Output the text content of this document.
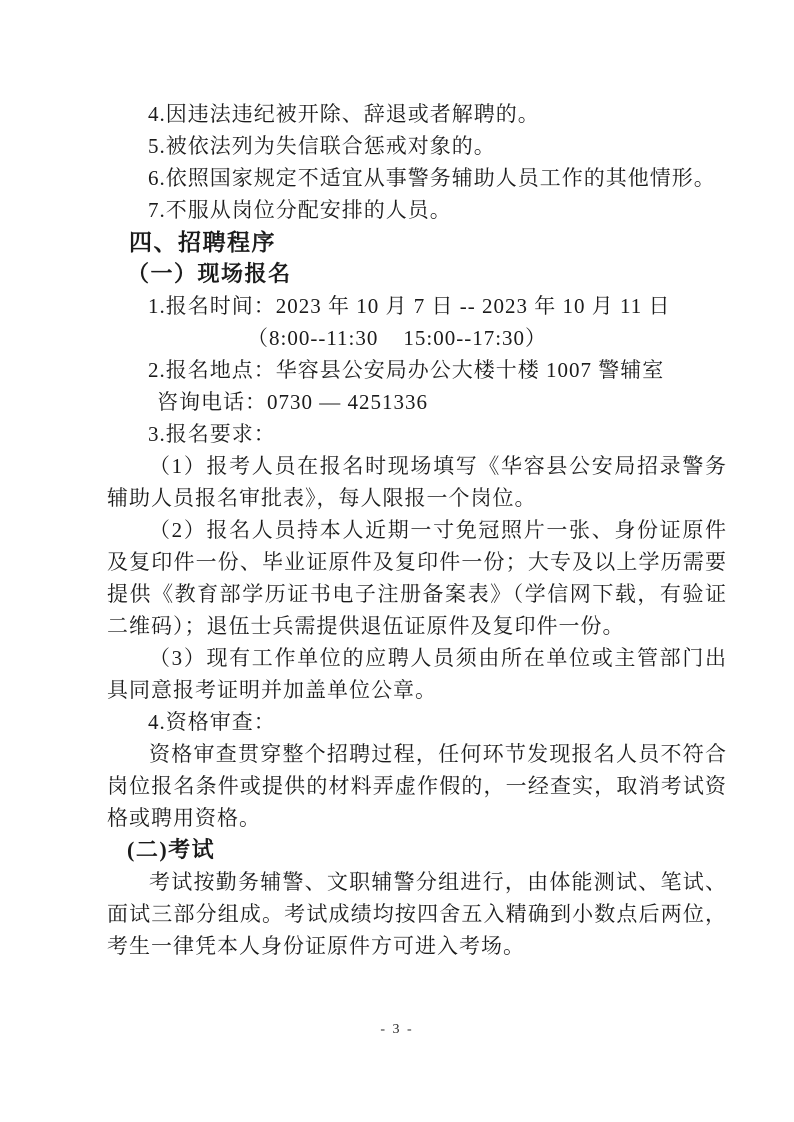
4.因违法违纪被开除、辞退或者解聘的。

5.被依法列为失信联合惩戒对象的。

6.依照国家规定不适宜从事警务辅助人员工作的其他情形。

7.不服从岗位分配安排的人员。

四、招聘程序

（一）现场报名

1.报名时间：2023 年 10 月 7 日 -- 2023 年 10 月 11 日

（8:00--11:30    15:00--17:30）

2.报名地点：华容县公安局办公大楼十楼 1007 警辅室

咨询电话：0730 — 4251336

3.报名要求：

（1）报考人员在报名时现场填写《华容县公安局招录警务辅助人员报名审批表》，每人限报一个岗位。

（2）报名人员持本人近期一寸免冠照片一张、身份证原件及复印件一份、毕业证原件及复印件一份；大专及以上学历需要提供《教育部学历证书电子注册备案表》（学信网下载，有验证二维码）；退伍士兵需提供退伍证原件及复印件一份。

（3）现有工作单位的应聘人员须由所在单位或主管部门出具同意报考证明并加盖单位公章。

4.资格审查：

资格审查贯穿整个招聘过程，任何环节发现报名人员不符合岗位报名条件或提供的材料弄虚作假的，一经查实，取消考试资格或聘用资格。

(二)考试

考试按勤务辅警、文职辅警分组进行，由体能测试、笔试、面试三部分组成。考试成绩均按四舍五入精确到小数点后两位，考生一律凭本人身份证原件方可进入考场。

- 3 -
